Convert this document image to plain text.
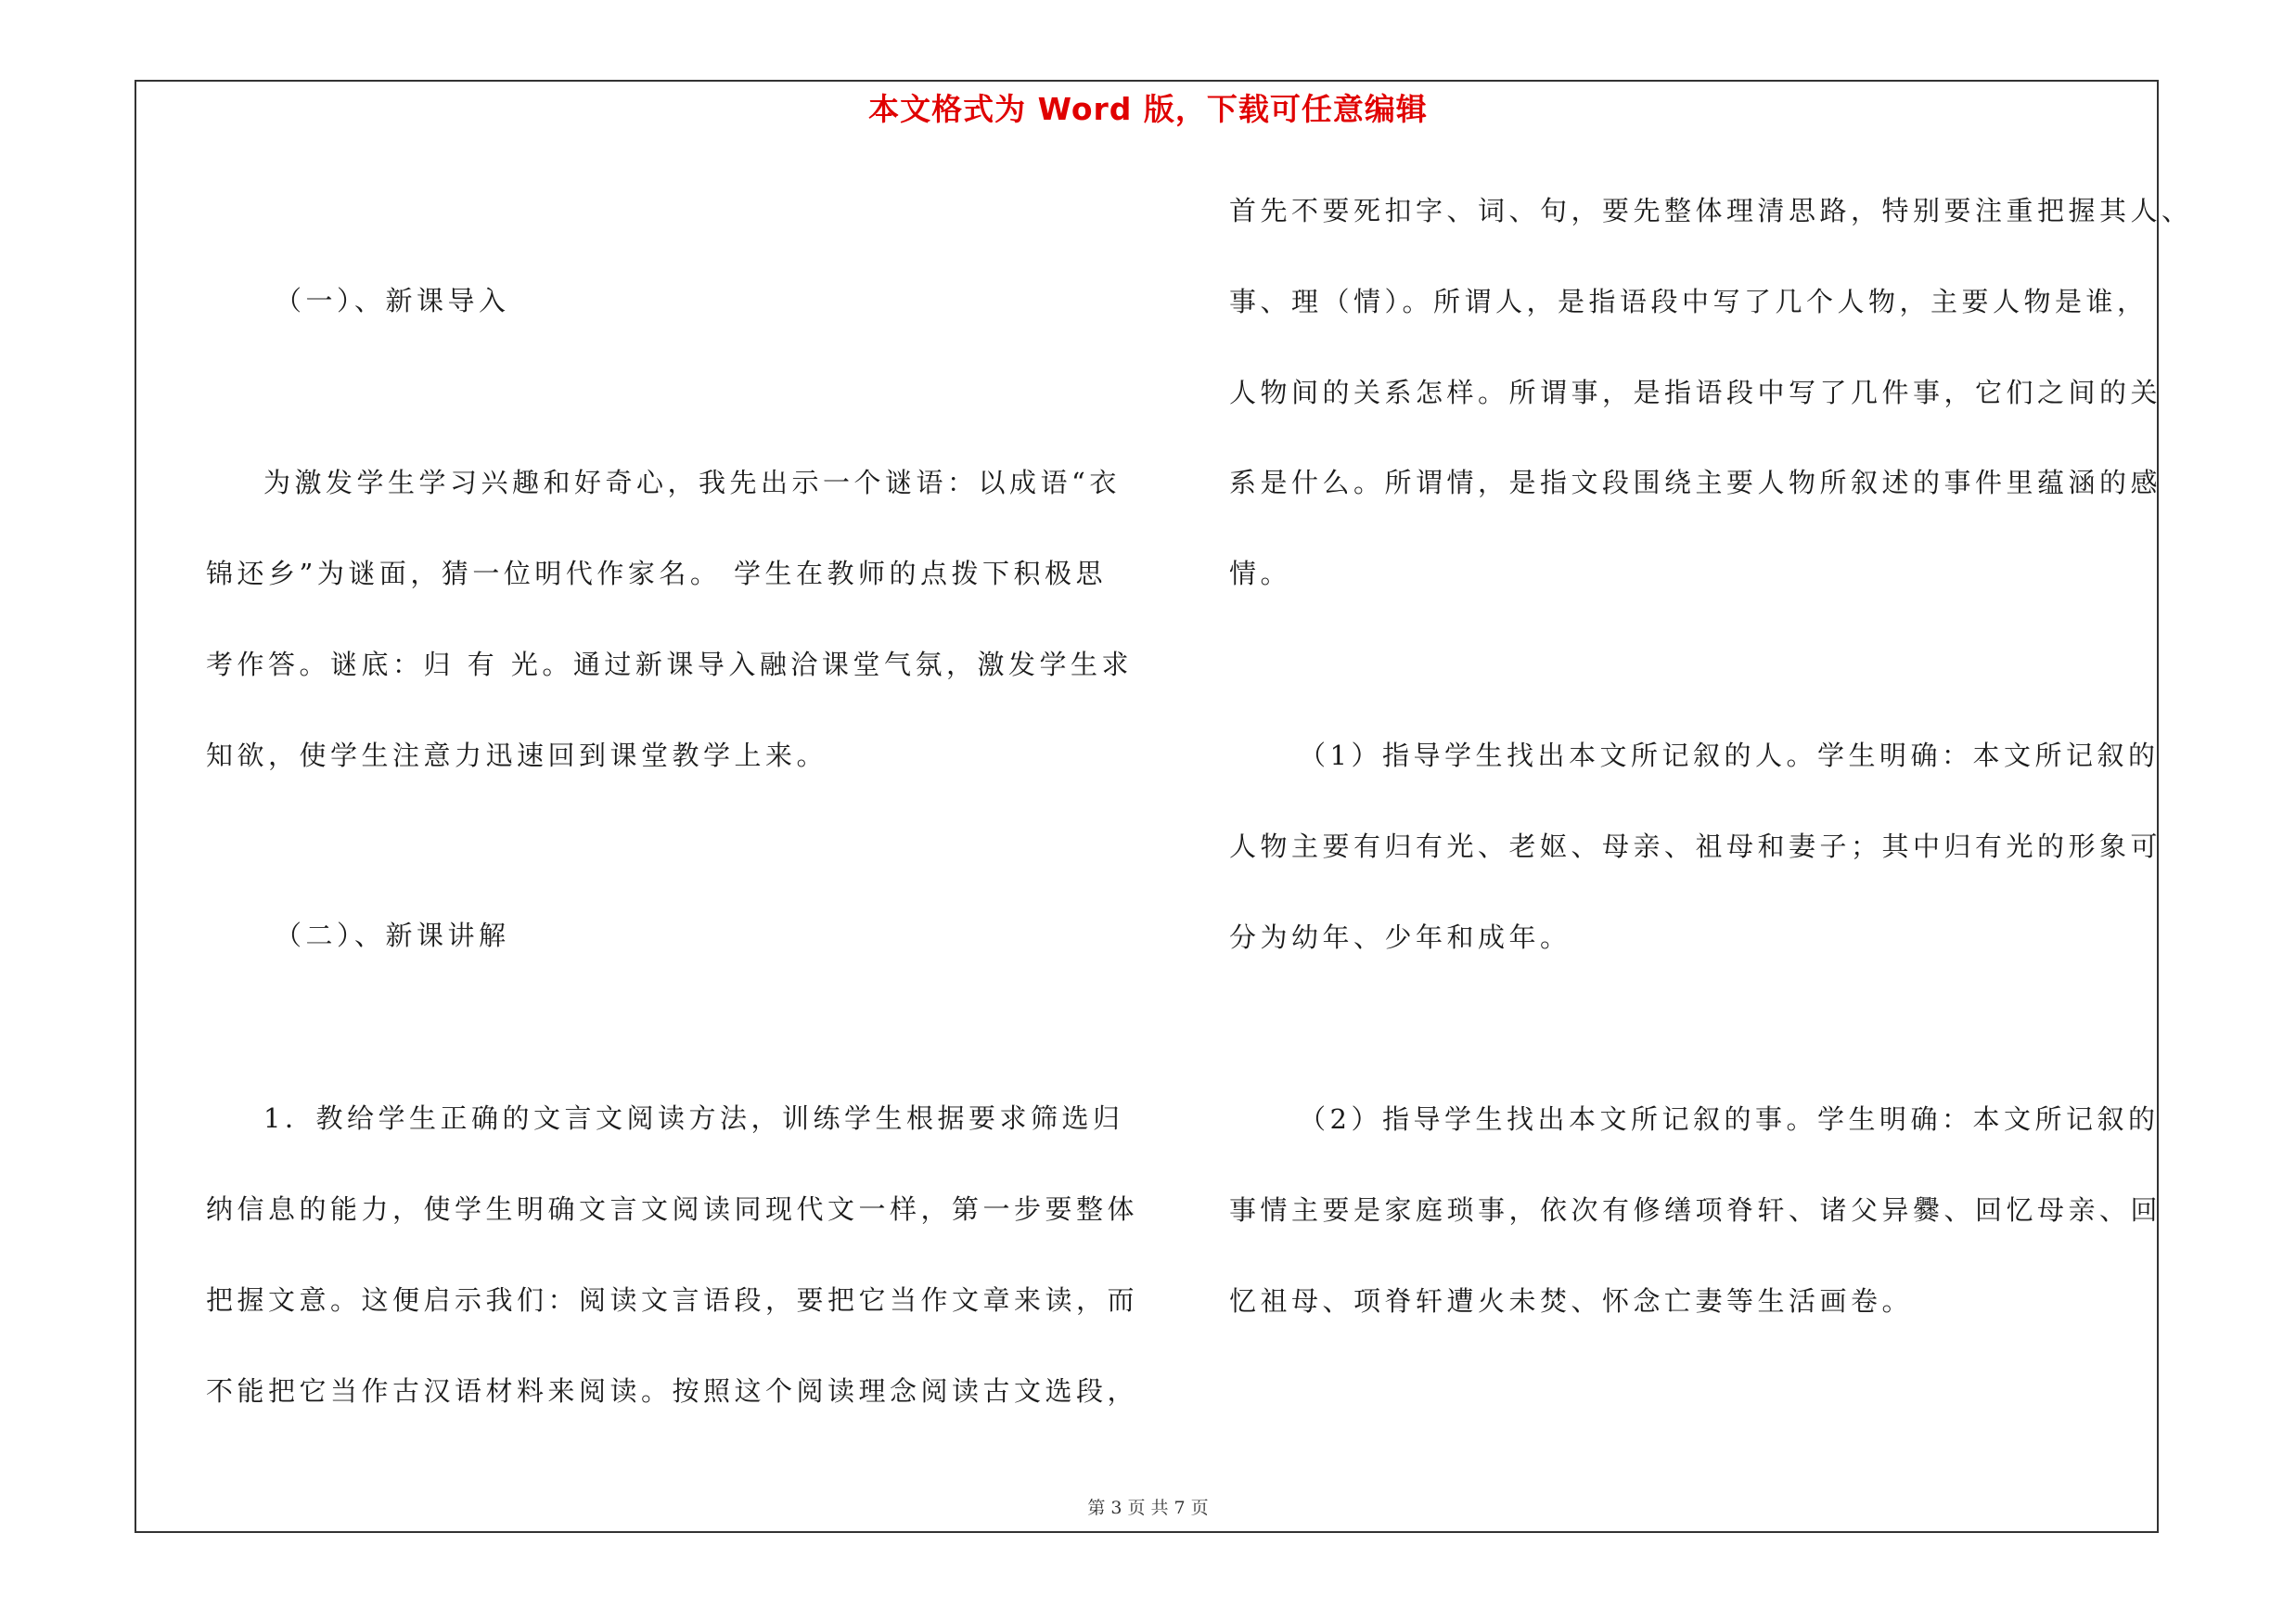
本文格式为 Word 版，下载可任意编辑
（一）、新课导入
为激发学生学习兴趣和好奇心，我先出示一个谜语：以成语“衣
锦还乡”为谜面，猜一位明代作家名。 学生在教师的点拨下积极思
考作答。谜底：归 有 光。通过新课导入融洽课堂气氛，激发学生求
知欲，使学生注意力迅速回到课堂教学上来。
（二）、新课讲解
1．教给学生正确的文言文阅读方法，训练学生根据要求筛选归
纳信息的能力，使学生明确文言文阅读同现代文一样，第一步要整体
把握文意。这便启示我们：阅读文言语段，要把它当作文章来读，而
不能把它当作古汉语材料来阅读。按照这个阅读理念阅读古文选段，
首先不要死扣字、词、句，要先整体理清思路，特别要注重把握其人、
事、理（情）。所谓人，是指语段中写了几个人物，主要人物是谁，
人物间的关系怎样。所谓事，是指语段中写了几件事，它们之间的关
系是什么。所谓情，是指文段围绕主要人物所叙述的事件里蕴涵的感
情。
（1）指导学生找出本文所记叙的人。学生明确：本文所记叙的
人物主要有归有光、老妪、母亲、祖母和妻子；其中归有光的形象可
分为幼年、少年和成年。
（2）指导学生找出本文所记叙的事。学生明确：本文所记叙的
事情主要是家庭琐事，依次有修缮项脊轩、诸父异爨、回忆母亲、回
忆祖母、项脊轩遭火未焚、怀念亡妻等生活画卷。
第 3 页 共 7 页
